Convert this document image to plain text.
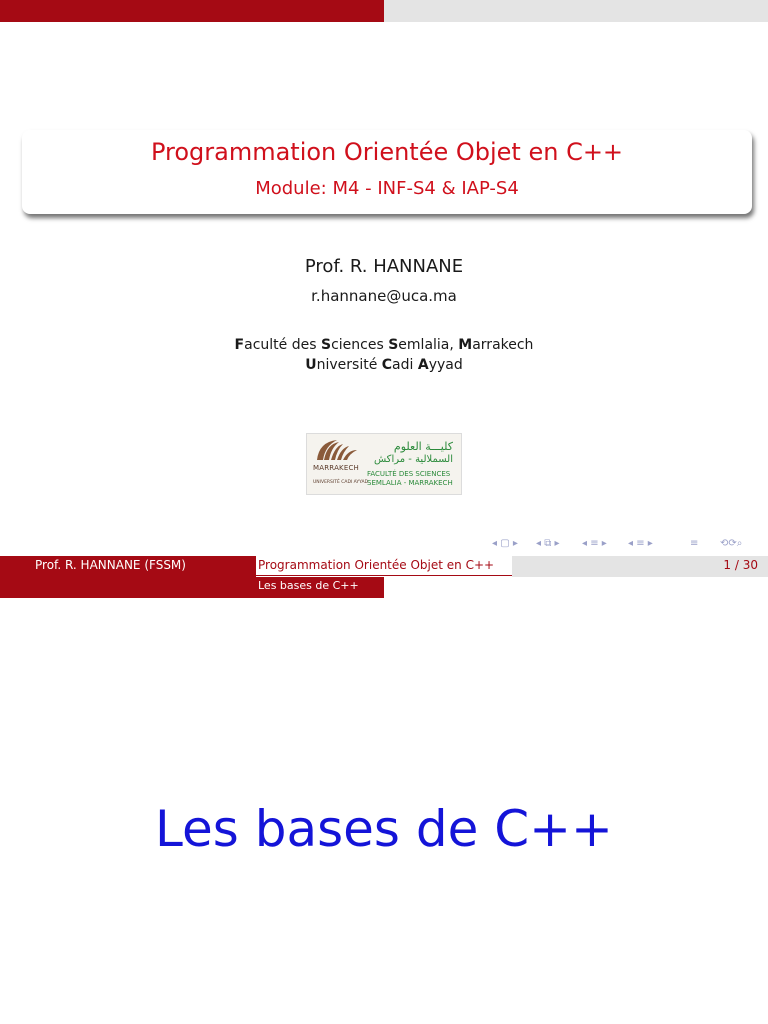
Programmation Orientée Objet en C++
Module: M4 - INF-S4 & IAP-S4
Prof. R. HANNANE
r.hannane@uca.ma
Faculté des Sciences Semlalia, Marrakech
Université Cadi Ayyad
MARRAKECH
كليـــة العلوم
السملالية - مراكش
FACULTÉ DES SCIENCES
SEMLALIA - MARRAKECH
UNIVERSITÉ CADI AYYAD
◂ ▢ ▸ ◂ ⧉ ▸ ◂ ≡ ▸ ◂ ≡ ▸	≡ ⟲⟳⌕
Prof. R. HANNANE (FSSM)	Programmation Orientée Objet en C++	1 / 30
Les bases de C++
Les bases de C++
